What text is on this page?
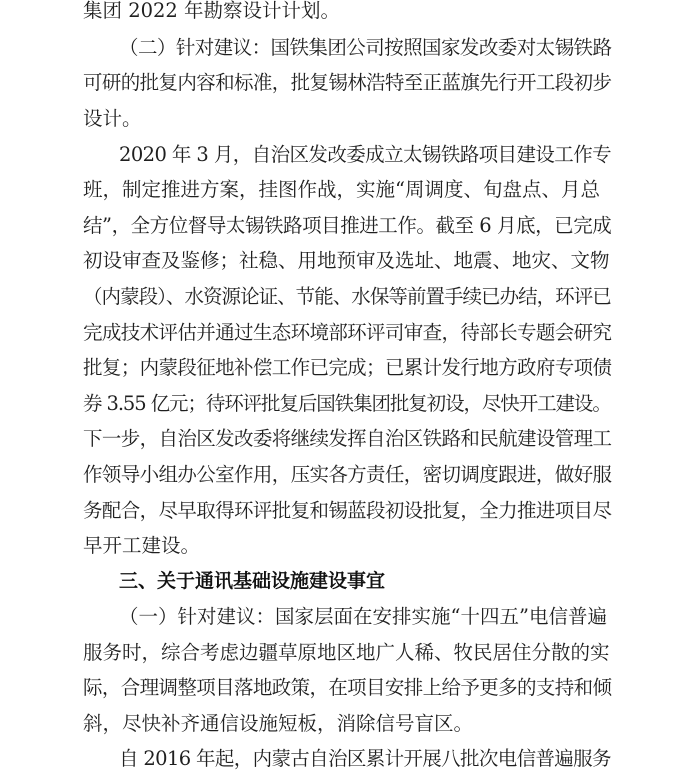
集团 2022 年勘察设计计划。
（二）针对建议：国铁集团公司按照国家发改委对太锡铁路
可研的批复内容和标准，批复锡林浩特至正蓝旗先行开工段初步
设计。
2020 年 3 月，自治区发改委成立太锡铁路项目建设工作专
班，制定推进方案，挂图作战，实施“周调度、旬盘点、月总
结”，全方位督导太锡铁路项目推进工作。截至 6 月底，已完成
初设审查及鉴修；社稳、用地预审及选址、地震、地灾、文物
（内蒙段）、水资源论证、节能、水保等前置手续已办结，环评已
完成技术评估并通过生态环境部环评司审查，待部长专题会研究
批复；内蒙段征地补偿工作已完成；已累计发行地方政府专项债
券 3.55 亿元；待环评批复后国铁集团批复初设，尽快开工建设。
下一步，自治区发改委将继续发挥自治区铁路和民航建设管理工
作领导小组办公室作用，压实各方责任，密切调度跟进，做好服
务配合，尽早取得环评批复和锡蓝段初设批复，全力推进项目尽
早开工建设。
三、关于通讯基础设施建设事宜
（一）针对建议：国家层面在安排实施“十四五”电信普遍
服务时，综合考虑边疆草原地区地广人稀、牧民居住分散的实
际，合理调整项目落地政策，在项目安排上给予更多的支持和倾
斜，尽快补齐通信设施短板，消除信号盲区。
自 2016 年起，内蒙古自治区累计开展八批次电信普遍服务
